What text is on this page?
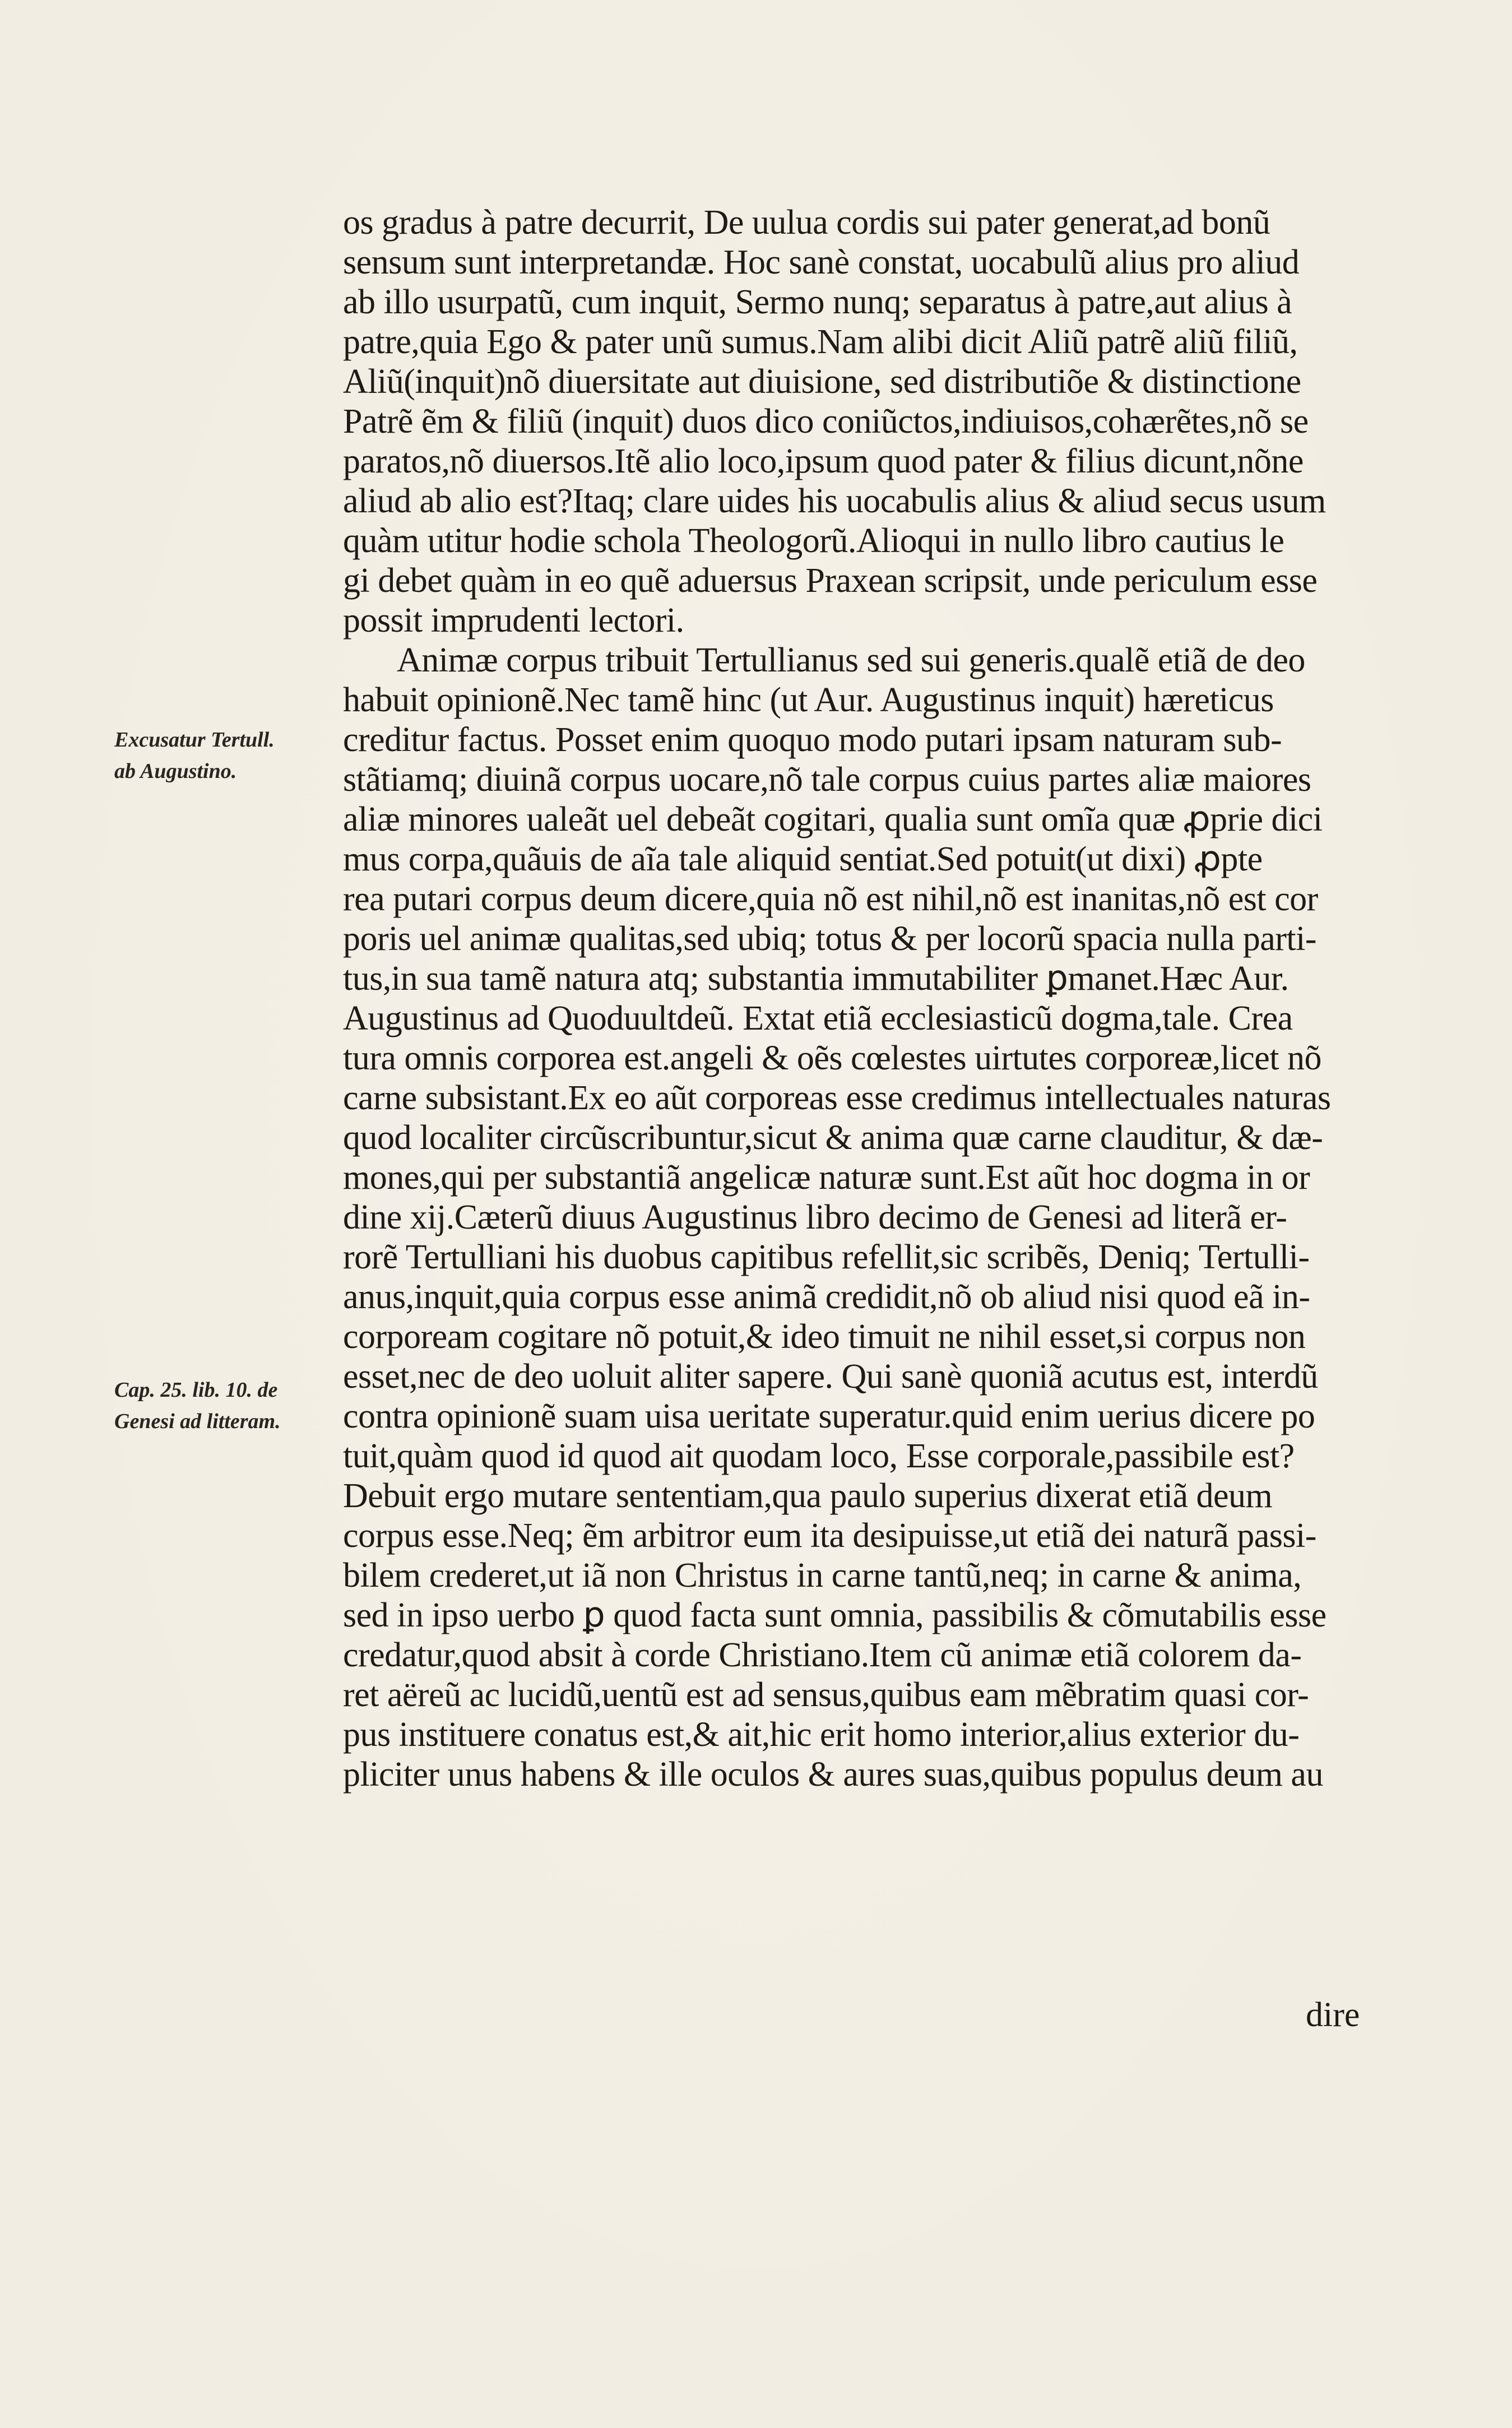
Excusatur Tertull.
ab Augustino.
Cap. 25. lib. 10. de
Genesi ad litteram.
os gradus à patre decurrit, De uulua cordis sui pater generat,ad bonũ
sensum sunt interpretandæ. Hoc sanè constat, uocabulũ alius pro aliud
ab illo usurpatũ, cum inquit, Sermo nunq; separatus à patre,aut alius à
patre,quia Ego & pater unũ sumus.Nam alibi dicit Aliũ patrẽ aliũ filiũ,
Aliũ(inquit)nõ diuersitate aut diuisione, sed distributiõe & distinctione
Patrẽ ẽm & filiũ (inquit) duos dico coniũctos,indiuisos,cohærẽtes,nõ se
paratos,nõ diuersos.Itẽ alio loco,ipsum quod pater & filius dicunt,nõne
aliud ab alio est?Itaq; clare uides his uocabulis alius & aliud secus usum
quàm utitur hodie schola Theologorũ.Alioqui in nullo libro cautius le
gi debet quàm in eo quẽ aduersus Praxean scripsit, unde periculum esse
possit imprudenti lectori.
Animæ corpus tribuit Tertullianus sed sui generis.qualẽ etiã de deo
habuit opinionẽ.Nec tamẽ hinc (ut Aur. Augustinus inquit) hæreticus
creditur factus. Posset enim quoquo modo putari ipsam naturam sub-
stãtiamq; diuinã corpus uocare,nõ tale corpus cuius partes aliæ maiores
aliæ minores ualeãt uel debeãt cogitari, qualia sunt omĩa quæ ꝓprie dici
mus corpa,quãuis de aĩa tale aliquid sentiat.Sed potuit(ut dixi) ꝓpte
rea putari corpus deum dicere,quia nõ est nihil,nõ est inanitas,nõ est cor
poris uel animæ qualitas,sed ubiq; totus & per locorũ spacia nulla parti-
tus,in sua tamẽ natura atq; substantia immutabiliter ꝑmanet.Hæc Aur.
Augustinus ad Quoduultdeũ. Extat etiã ecclesiasticũ dogma,tale. Crea
tura omnis corporea est.angeli & oẽs cœlestes uirtutes corporeæ,licet nõ
carne subsistant.Ex eo aũt corporeas esse credimus intellectuales naturas
quod localiter circũscribuntur,sicut & anima quæ carne clauditur, & dæ-
mones,qui per substantiã angelicæ naturæ sunt.Est aũt hoc dogma in or
dine xij.Cæterũ diuus Augustinus libro decimo de Genesi ad literã er-
rorẽ Tertulliani his duobus capitibus refellit,sic scribẽs, Deniq; Tertulli-
anus,inquit,quia corpus esse animã credidit,nõ ob aliud nisi quod eã in-
corpoream cogitare nõ potuit,& ideo timuit ne nihil esset,si corpus non
esset,nec de deo uoluit aliter sapere. Qui sanè quoniã acutus est, interdũ
contra opinionẽ suam uisa ueritate superatur.quid enim uerius dicere po
tuit,quàm quod id quod ait quodam loco, Esse corporale,passibile est?
Debuit ergo mutare sententiam,qua paulo superius dixerat etiã deum
corpus esse.Neq; ẽm arbitror eum ita desipuisse,ut etiã dei naturã passi-
bilem crederet,ut iã non Christus in carne tantũ,neq; in carne & anima,
sed in ipso uerbo ꝑ quod facta sunt omnia, passibilis & cõmutabilis esse
credatur,quod absit à corde Christiano.Item cũ animæ etiã colorem da-
ret aëreũ ac lucidũ,uentũ est ad sensus,quibus eam mẽbratim quasi cor-
pus instituere conatus est,& ait,hic erit homo interior,alius exterior du-
pliciter unus habens & ille oculos & aures suas,quibus populus deum au
dire
